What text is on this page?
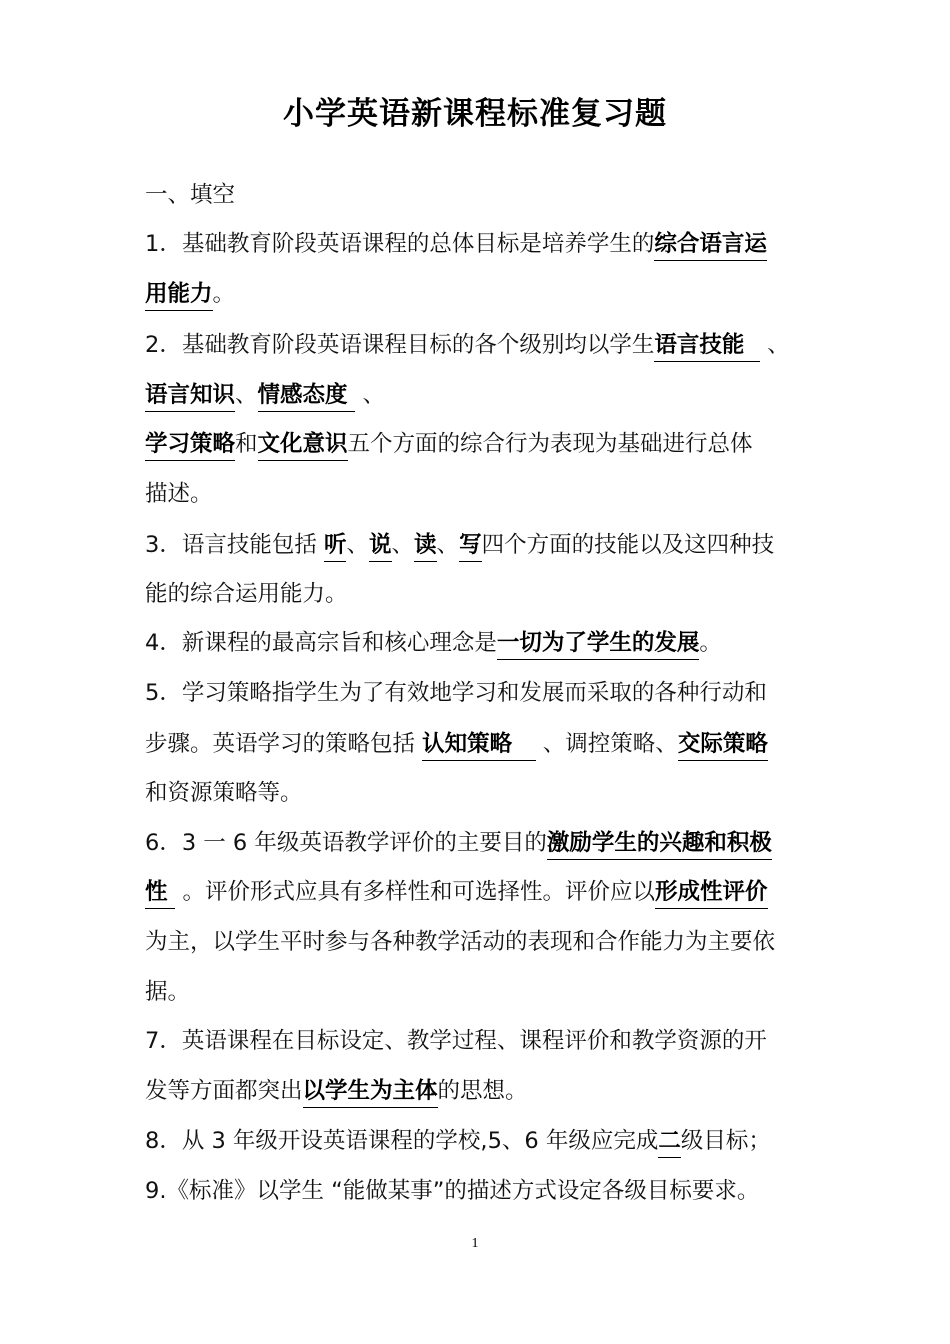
小学英语新课程标准复习题
一、填空
1．基础教育阶段英语课程的总体目标是培养学生的综合语言运
用能力。
2．基础教育阶段英语课程目标的各个级别均以学生语言技能   、
语言知识、情感态度  、
学习策略和文化意识五个方面的综合行为表现为基础进行总体
描述。
3．语言技能包括 听、说、读、写四个方面的技能以及这四种技
能的综合运用能力。
4．新课程的最高宗旨和核心理念是一切为了学生的发展。
5．学习策略指学生为了有效地学习和发展而采取的各种行动和
步骤。英语学习的策略包括 认知策略    、调控策略、交际策略
和资源策略等。
6．3 一 6 年级英语教学评价的主要目的激励学生的兴趣和积极
性  。评价形式应具有多样性和可选择性。评价应以形成性评价
为主，以学生平时参与各种教学活动的表现和合作能力为主要依
据。
7．英语课程在目标设定、教学过程、课程评价和教学资源的开
发等方面都突出以学生为主体的思想。
8．从 3 年级开设英语课程的学校,5、6 年级应完成二级目标；
9.《标准》以学生 “能做某事”的描述方式设定各级目标要求。
1
